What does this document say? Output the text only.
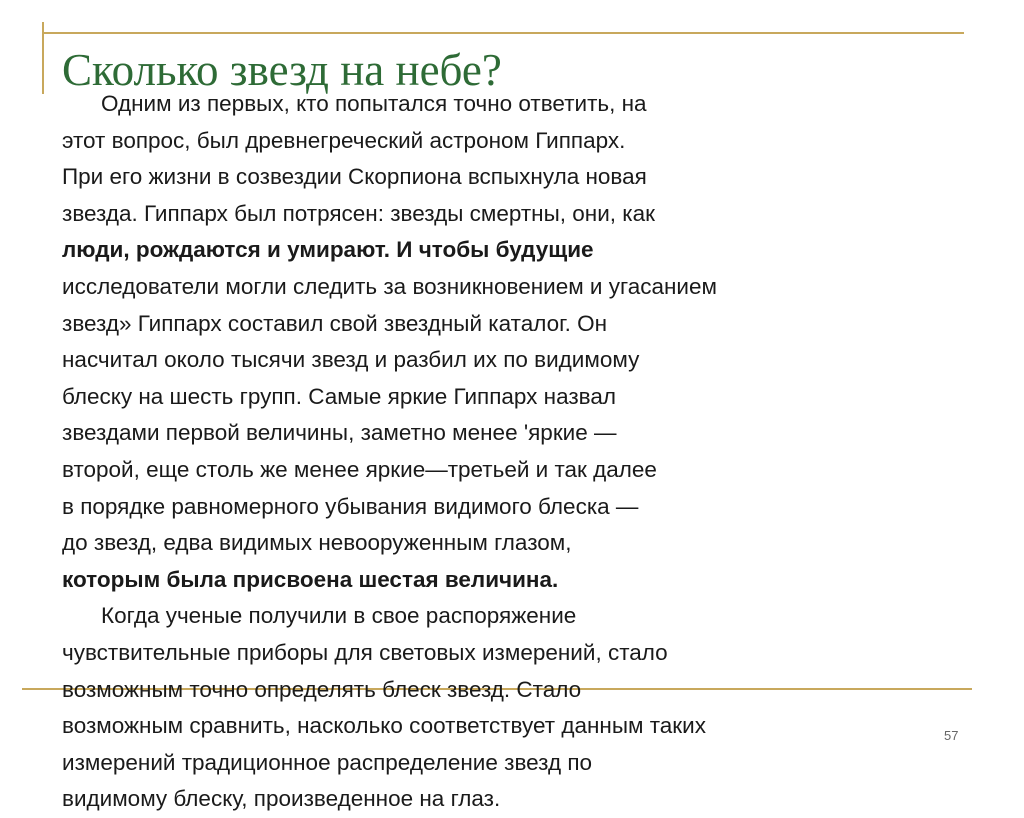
Сколько звезд на небе?
Одним из первых, кто попытался точно ответить, на
этот вопрос, был древнегреческий астроном Гиппарх.
При его жизни в созвездии Скорпиона вспыхнула новая
звезда. Гиппарх был потрясен: звезды смертны, они, как
люди, рождаются и умирают. И чтобы будущие
исследователи могли следить за возникновением и угасанием
звезд» Гиппарх составил свой звездный каталог. Он
насчитал около тысячи звезд и разбил их по видимому
блеску на шесть групп. Самые яркие Гиппарх назвал
звездами первой величины, заметно менее 'яркие —
второй, еще столь же менее яркие—третьей и так далее
в порядке равномерного убывания видимого блеска —
до звезд, едва видимых невооруженным глазом,
которым была присвоена шестая величина.
Когда ученые получили в свое распоряжение
чувствительные приборы для световых измерений, стало
возможным точно определять блеск звезд. Стало
возможным сравнить, насколько соответствует данным таких
измерений традиционное распределение звезд по
видимому блеску, произведенное на глаз.
57
